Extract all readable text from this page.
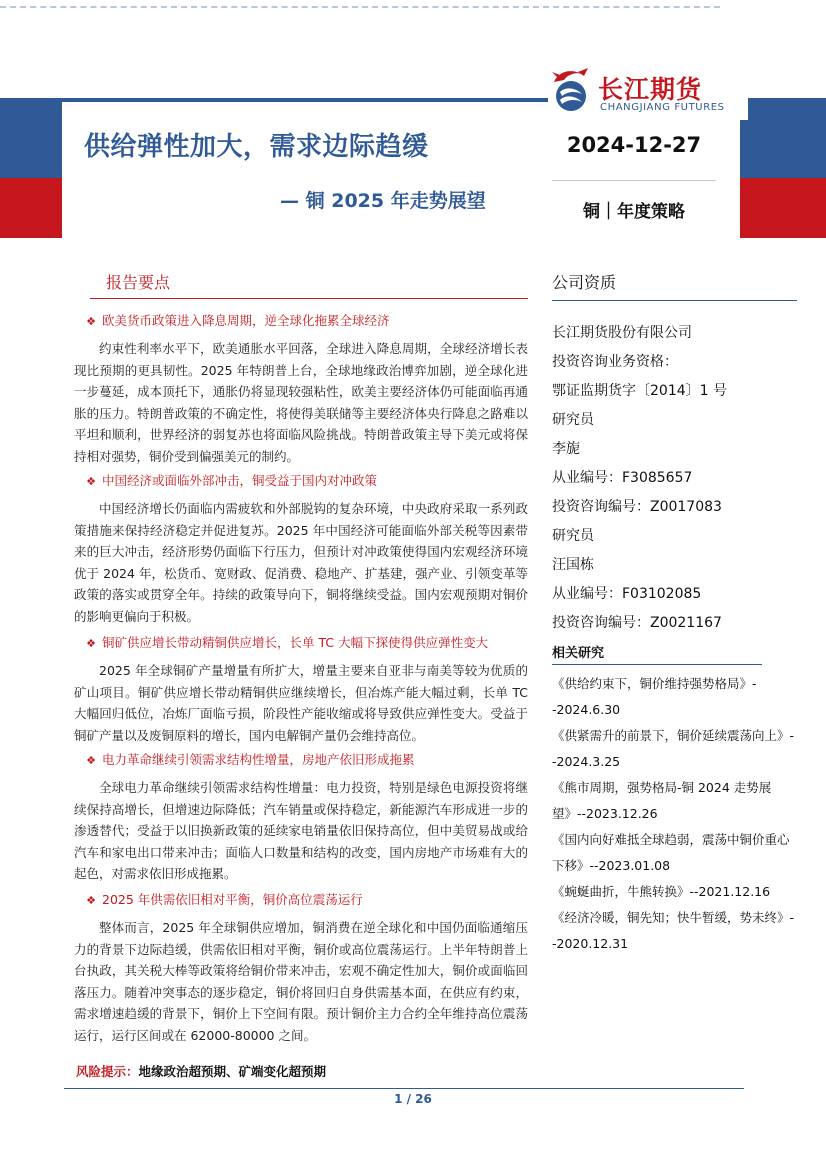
长江期货
CHANGJIANG FUTURES
供给弹性加大，需求边际趋缓
— 铜 2025 年走势展望
2024-12-27
铜｜年度策略
报告要点
❖ 欧美货币政策进入降息周期，逆全球化拖累全球经济
约束性利率水平下，欧美通胀水平回落，全球进入降息周期，全球经济增长表现比预期的更具韧性。2025 年特朗普上台，全球地缘政治博弈加剧，逆全球化进一步蔓延，成本顶托下，通胀仍将显现较强粘性，欧美主要经济体仍可能面临再通胀的压力。特朗普政策的不确定性，将使得美联储等主要经济体央行降息之路难以平坦和顺利，世界经济的弱复苏也将面临风险挑战。特朗普政策主导下美元或将保持相对强势，铜价受到偏强美元的制约。
❖ 中国经济或面临外部冲击，铜受益于国内对冲政策
中国经济增长仍面临内需疲软和外部脱钩的复杂环境，中央政府采取一系列政策措施来保持经济稳定并促进复苏。2025 年中国经济可能面临外部关税等因素带来的巨大冲击，经济形势仍面临下行压力，但预计对冲政策使得国内宏观经济环境优于 2024 年，松货币、宽财政、促消费、稳地产、扩基建，强产业、引领变革等政策的落实或贯穿全年。持续的政策导向下，铜将继续受益。国内宏观预期对铜价的影响更偏向于积极。
❖ 铜矿供应增长带动精铜供应增长，长单 TC 大幅下探使得供应弹性变大
2025 年全球铜矿产量增量有所扩大，增量主要来自亚非与南美等较为优质的矿山项目。铜矿供应增长带动精铜供应继续增长，但冶炼产能大幅过剩，长单 TC 大幅回归低位，冶炼厂面临亏损，阶段性产能收缩或将导致供应弹性变大。受益于铜矿产量以及废铜原料的增长，国内电解铜产量仍会维持高位。
❖ 电力革命继续引领需求结构性增量，房地产依旧形成拖累
全球电力革命继续引领需求结构性增量：电力投资，特别是绿色电源投资将继续保持高增长，但增速边际降低；汽车销量或保持稳定，新能源汽车形成进一步的渗透替代；受益于以旧换新政策的延续家电销量依旧保持高位，但中美贸易战或给汽车和家电出口带来冲击；面临人口数量和结构的改变，国内房地产市场难有大的起色，对需求依旧形成拖累。
❖ 2025 年供需依旧相对平衡，铜价高位震荡运行
整体而言，2025 年全球铜供应增加，铜消费在逆全球化和中国仍面临通缩压力的背景下边际趋缓，供需依旧相对平衡，铜价或高位震荡运行。上半年特朗普上台执政，其关税大棒等政策将给铜价带来冲击，宏观不确定性加大，铜价或面临回落压力。随着冲突事态的逐步稳定，铜价将回归自身供需基本面，在供应有约束，需求增速趋缓的背景下，铜价上下空间有限。预计铜价主力合约全年维持高位震荡运行，运行区间或在 62000-80000 之间。
风险提示：地缘政治超预期、矿端变化超预期
公司资质
长江期货股份有限公司
投资咨询业务资格：
鄂证监期货字〔2014〕1 号
研究员
李旎
从业编号：F3085657
投资咨询编号：Z0017083
研究员
汪国栋
从业编号：F03102085
投资咨询编号：Z0021167
相关研究
《供给约束下，铜价维持强势格局》--2024.6.30
《供紧需升的前景下，铜价延续震荡向上》--2024.3.25
《熊市周期，强势格局-铜 2024 走势展望》--2023.12.26
《国内向好难抵全球趋弱，震荡中铜价重心下移》--2023.01.08
《蜿蜒曲折，牛熊转换》--2021.12.16
《经济冷暖，铜先知；快牛暂缓，势未终》--2020.12.31
1 / 26
